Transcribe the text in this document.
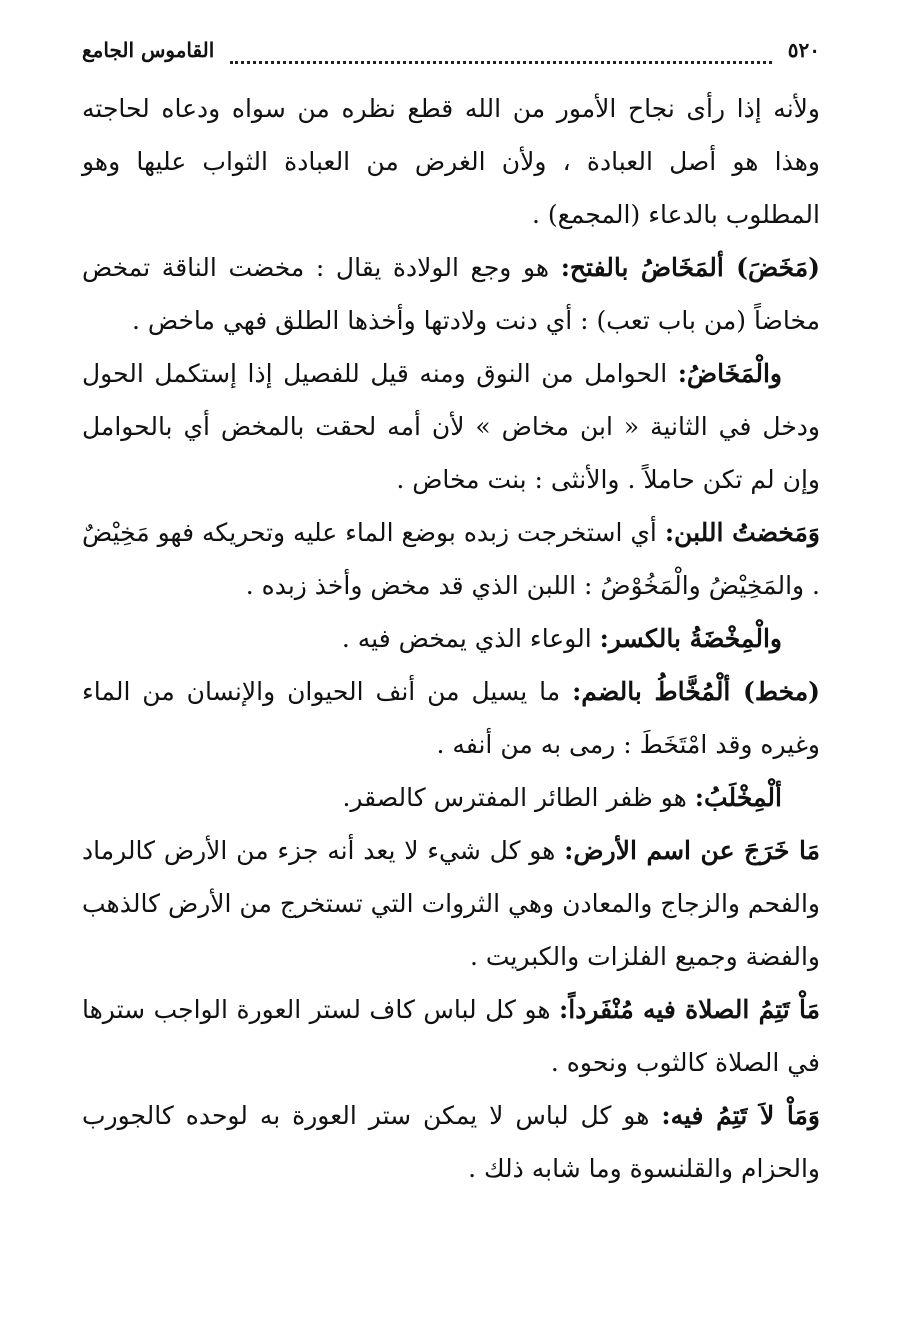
٥٢٠
القاموس الجامع

ولأنه إذا رأى نجاح الأمور من الله قطع نظره من سواه ودعاه لحاجته وهذا هو أصل العبادة ، ولأن الغرض من العبادة الثواب عليها وهو المطلوب بالدعاء (المجمع) .

(مَخَضَ) ألمَخَاضُ بالفتح: هو وجع الولادة يقال : مخضت الناقة تمخض مخاضاً (من باب تعب) : أي دنت ولادتها وأخذها الطلق فهي ماخض .

والْمَخَاضُ: الحوامل من النوق ومنه قيل للفصيل إذا إستكمل الحول ودخل في الثانية « ابن مخاض » لأن أمه لحقت بالمخض أي بالحوامل وإن لم تكن حاملاً . والأنثى : بنت مخاض .

وَمَخضتُ اللبن: أي استخرجت زبده بوضع الماء عليه وتحريكه فهو مَخِيْضٌ . والمَخِيْضُ والْمَخُوْضُ : اللبن الذي قد مخض وأخذ زبده .

والْمِخْضَةُ بالكسر: الوعاء الذي يمخض فيه .

(مخط) ألْمُخَّاطُ بالضم: ما يسيل من أنف الحيوان والإنسان من الماء وغيره وقد امْتَخَطَ : رمى به من أنفه .

ألْمِخْلَبُ: هو ظفر الطائر المفترس كالصقر.

مَا خَرَجَ عن اسم الأرض: هو كل شيء لا يعد أنه جزء من الأرض كالرماد والفحم والزجاج والمعادن وهي الثروات التي تستخرج من الأرض كالذهب والفضة وجميع الفلزات والكبريت .

مَاْ تَتِمُ الصلاة فيه مُنْفَرداً: هو كل لباس كاف لستر العورة الواجب سترها في الصلاة كالثوب ونحوه .

وَمَاْ لاَ تَتِمُ فيه: هو كل لباس لا يمكن ستر العورة به لوحده كالجورب والحزام والقلنسوة وما شابه ذلك .
